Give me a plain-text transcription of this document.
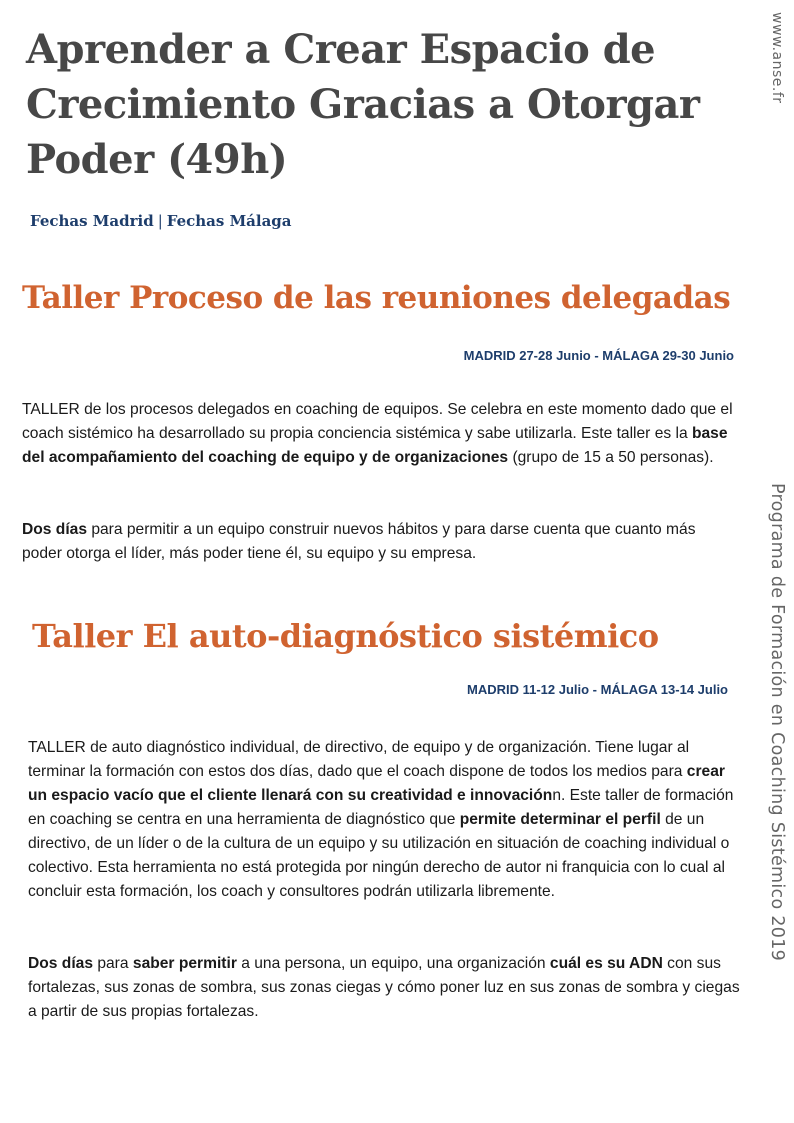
Aprender a Crear Espacio de
Crecimiento Gracias a Otorgar
Poder (49h)
Fechas Madrid | Fechas Málaga
Taller Proceso de las reuniones delegadas
MADRID 27-28 Junio - MÁLAGA 29-30 Junio

TALLER de los procesos delegados en coaching de equipos. Se celebra en este momento dado que el coach sistémico ha desarrollado su propia conciencia sistémica y sabe utilizarla. Este taller es la base del acompañamiento del coaching de equipo y de organizaciones (grupo de 15 a 50 personas).

Dos días para permitir a un equipo construir nuevos hábitos y para darse cuenta que cuanto más poder otorga el líder, más poder tiene él, su equipo y su empresa.

Taller El auto-diagnóstico sistémico
MADRID 11-12 Julio - MÁLAGA 13-14 Julio

TALLER de auto diagnóstico individual, de directivo, de equipo y de organización. Tiene lugar al terminar la formación con estos dos días, dado que el coach dispone de todos los medios para crear un espacio vacío que el cliente llenará con su creatividad e innovaciónn. Este taller de formación en coaching se centra en una herramienta de diagnóstico que permite determinar el perfil de un directivo, de un líder o de la cultura de un equipo y su utilización en situación de coaching individual o colectivo. Esta herramienta no está protegida por ningún derecho de autor ni franquicia con lo cual al concluir esta formación, los coach y consultores podrán utilizarla libremente.

Dos días para saber permitir a una persona, un equipo, una organización cuál es su ADN con sus fortalezas, sus zonas de sombra, sus zonas ciegas y cómo poner luz en sus zonas de sombra y ciegas a partir de sus propias fortalezas.

www.anse.fr
Programa de Formación en Coaching Sistémico 2019
